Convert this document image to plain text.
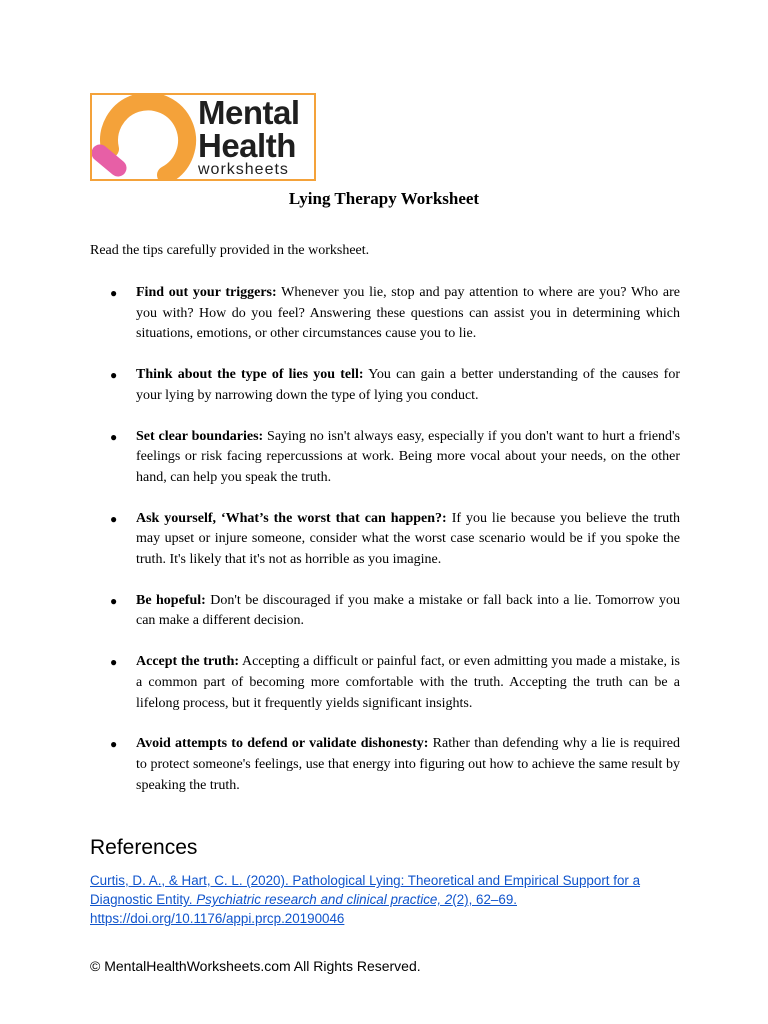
Mental
Health
worksheets
Lying Therapy Worksheet
Read the tips carefully provided in the worksheet.
● Find out your triggers: Whenever you lie, stop and pay attention to where are you? Who are you with? How do you feel? Answering these questions can assist you in determining which situations, emotions, or other circumstances cause you to lie.
● Think about the type of lies you tell: You can gain a better understanding of the causes for your lying by narrowing down the type of lying you conduct.
● Set clear boundaries: Saying no isn't always easy, especially if you don't want to hurt a friend's feelings or risk facing repercussions at work. Being more vocal about your needs, on the other hand, can help you speak the truth.
● Ask yourself, ‘What’s the worst that can happen?: If you lie because you believe the truth may upset or injure someone, consider what the worst case scenario would be if you spoke the truth. It's likely that it's not as horrible as you imagine.
● Be hopeful: Don't be discouraged if you make a mistake or fall back into a lie. Tomorrow you can make a different decision.
● Accept the truth: Accepting a difficult or painful fact, or even admitting you made a mistake, is a common part of becoming more comfortable with the truth. Accepting the truth can be a lifelong process, but it frequently yields significant insights.
● Avoid attempts to defend or validate dishonesty: Rather than defending why a lie is required to protect someone's feelings, use that energy into figuring out how to achieve the same result by speaking the truth.
References
Curtis, D. A., & Hart, C. L. (2020). Pathological Lying: Theoretical and Empirical Support for a Diagnostic Entity. Psychiatric research and clinical practice, 2(2), 62–69. https://doi.org/10.1176/appi.prcp.20190046
© MentalHealthWorksheets.com All Rights Reserved.
